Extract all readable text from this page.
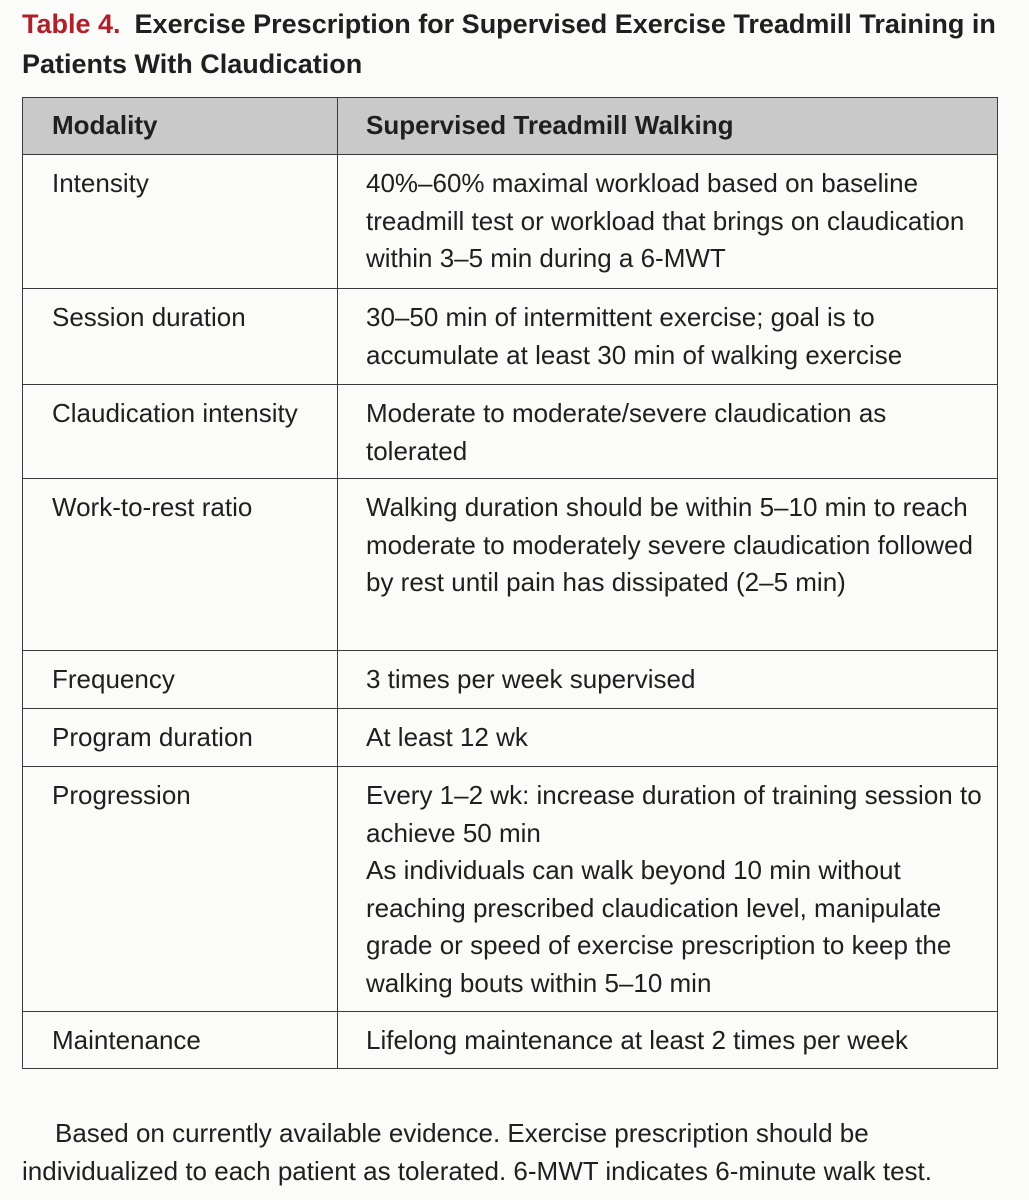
Table 4. Exercise Prescription for Supervised Exercise Treadmill Training in Patients With Claudication
Modality	Supervised Treadmill Walking

Intensity	40%–60% maximal workload based on baseline treadmill test or workload that brings on claudication within 3–5 min during a 6-MWT

Session duration	30–50 min of intermittent exercise; goal is to accumulate at least 30 min of walking exercise

Claudication intensity	Moderate to moderate/severe claudication as tolerated

Work-to-rest ratio	Walking duration should be within 5–10 min to reach moderate to moderately severe claudication followed by rest until pain has dissipated (2–5 min)

Frequency	3 times per week supervised

Program duration	At least 12 wk

Progression	Every 1–2 wk: increase duration of training session to achieve 50 min
As individuals can walk beyond 10 min without reaching prescribed claudication level, manipulate grade or speed of exercise prescription to keep the walking bouts within 5–10 min

Maintenance	Lifelong maintenance at least 2 times per week

Based on currently available evidence. Exercise prescription should be individualized to each patient as tolerated. 6-MWT indicates 6-minute walk test.
